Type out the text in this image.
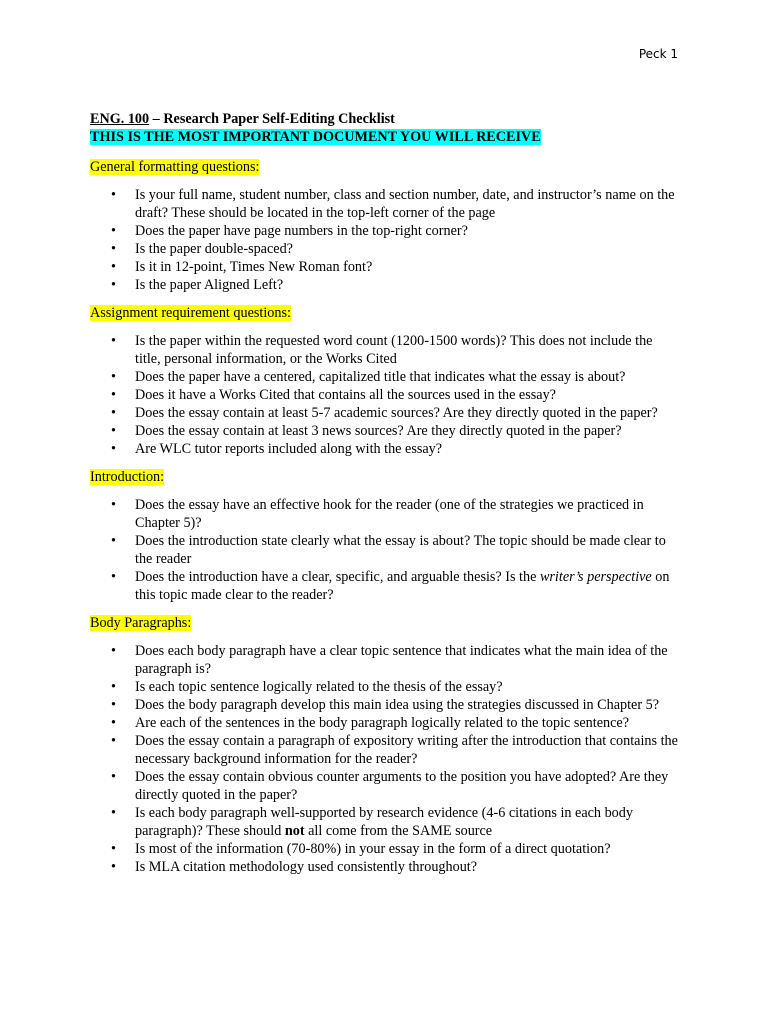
Peck 1
ENG. 100 – Research Paper Self-Editing Checklist
THIS IS THE MOST IMPORTANT DOCUMENT YOU WILL RECEIVE
General formatting questions:
• Is your full name, student number, class and section number, date, and instructor’s name on the draft? These should be located in the top-left corner of the page
• Does the paper have page numbers in the top-right corner?
• Is the paper double-spaced?
• Is it in 12-point, Times New Roman font?
• Is the paper Aligned Left?
Assignment requirement questions:
• Is the paper within the requested word count (1200-1500 words)? This does not include the title, personal information, or the Works Cited
• Does the paper have a centered, capitalized title that indicates what the essay is about?
• Does it have a Works Cited that contains all the sources used in the essay?
• Does the essay contain at least 5-7 academic sources? Are they directly quoted in the paper?
• Does the essay contain at least 3 news sources? Are they directly quoted in the paper?
• Are WLC tutor reports included along with the essay?
Introduction:
• Does the essay have an effective hook for the reader (one of the strategies we practiced in Chapter 5)?
• Does the introduction state clearly what the essay is about? The topic should be made clear to the reader
• Does the introduction have a clear, specific, and arguable thesis? Is the writer’s perspective on this topic made clear to the reader?
Body Paragraphs:
• Does each body paragraph have a clear topic sentence that indicates what the main idea of the paragraph is?
• Is each topic sentence logically related to the thesis of the essay?
• Does the body paragraph develop this main idea using the strategies discussed in Chapter 5?
• Are each of the sentences in the body paragraph logically related to the topic sentence?
• Does the essay contain a paragraph of expository writing after the introduction that contains the necessary background information for the reader?
• Does the essay contain obvious counter arguments to the position you have adopted? Are they directly quoted in the paper?
• Is each body paragraph well-supported by research evidence (4-6 citations in each body paragraph)? These should not all come from the SAME source
• Is most of the information (70-80%) in your essay in the form of a direct quotation?
• Is MLA citation methodology used consistently throughout?
